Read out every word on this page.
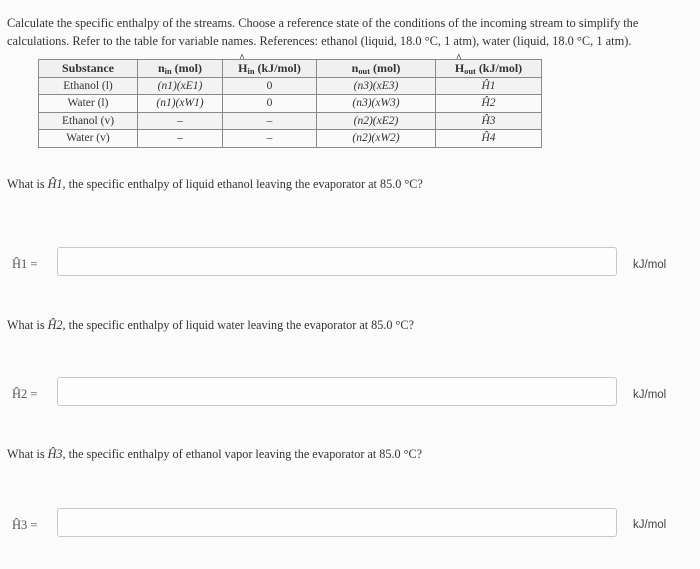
Calculate the specific enthalpy of the streams. Choose a reference state of the conditions of the incoming stream to simplify the calculations. Refer to the table for variable names. References: ethanol (liquid, 18.0 °C, 1 atm), water (liquid, 18.0 °C, 1 atm).
Substance	$n_{in}$ (mol)	^ $H_{in}$ (kJ/mol)	$n_{out}$ (mol)	^ $H_{out}$ (kJ/mol)
Ethanol (l)	(n1)(xE1)	0	(n3)(xE3)	Ĥ1
Water (l)	(n1)(xW1)	0	(n3)(xW3)	Ĥ2
Ethanol (v)	–	–	(n2)(xE2)	Ĥ3
Water (v)	–	–	(n2)(xW2)	Ĥ4
What is Ĥ1, the specific enthalpy of liquid ethanol leaving the evaporator at 85.0 °C?
Ĥ1 =	kJ/mol
What is Ĥ2, the specific enthalpy of liquid water leaving the evaporator at 85.0 °C?
Ĥ2 =	kJ/mol
What is Ĥ3, the specific enthalpy of ethanol vapor leaving the evaporator at 85.0 °C?
Ĥ3 =	kJ/mol
